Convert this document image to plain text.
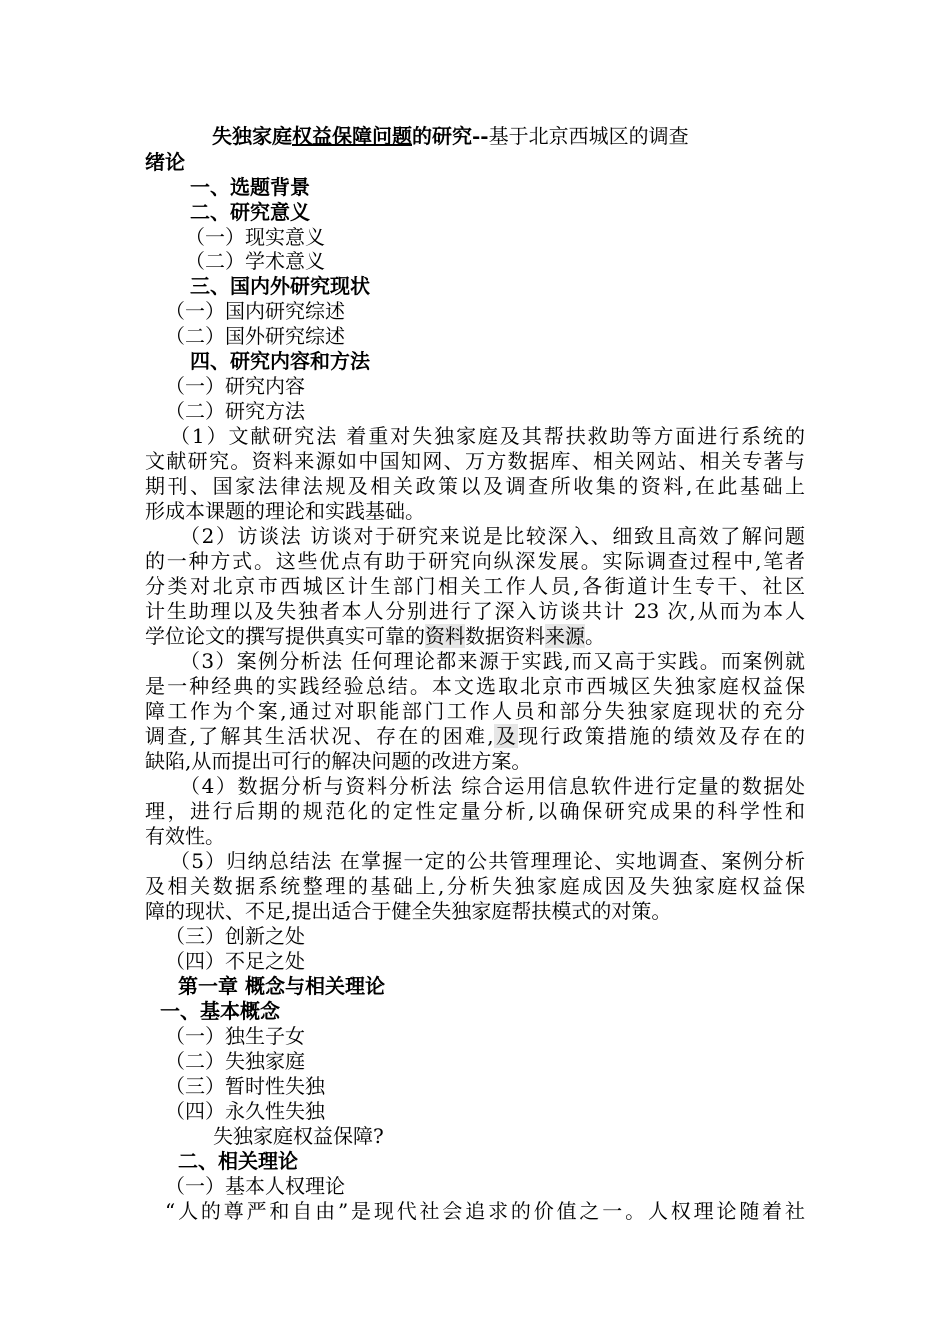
失独家庭权益保障问题的研究--基于北京西城区的调查
绪论
一、选题背景
二、研究意义
（一）现实意义
（二）学术意义
三、国内外研究现状
（一）国内研究综述
（二）国外研究综述
四、研究内容和方法
（一）研究内容
（二）研究方法
（1）文献研究法 着重对失独家庭及其帮扶救助等方面进行系统的
文献研究。资料来源如中国知网、万方数据库、相关网站、相关专著与
期刊、国家法律法规及相关政策以及调查所收集的资料,在此基础上
形成本课题的理论和实践基础。
（2）访谈法 访谈对于研究来说是比较深入、细致且高效了解问题
的一种方式。这些优点有助于研究向纵深发展。实际调查过程中,笔者
分类对北京市西城区计生部门相关工作人员,各街道计生专干、社区
计生助理以及失独者本人分别进行了深入访谈共计 23 次,从而为本人
学位论文的撰写提供真实可靠的资料数据资料来源。
（3）案例分析法 任何理论都来源于实践,而又高于实践。而案例就
是一种经典的实践经验总结。本文选取北京市西城区失独家庭权益保
障工作为个案,通过对职能部门工作人员和部分失独家庭现状的充分
调查,了解其生活状况、存在的困难,及现行政策措施的绩效及存在的
缺陷,从而提出可行的解决问题的改进方案。
（4）数据分析与资料分析法 综合运用信息软件进行定量的数据处
理，进行后期的规范化的定性定量分析,以确保研究成果的科学性和
有效性。
（5）归纳总结法 在掌握一定的公共管理理论、实地调查、案例分析
及相关数据系统整理的基础上,分析失独家庭成因及失独家庭权益保
障的现状、不足,提出适合于健全失独家庭帮扶模式的对策。
（三）创新之处
（四）不足之处
第一章 概念与相关理论
一、基本概念
（一）独生子女
（二）失独家庭
（三）暂时性失独
（四）永久性失独
失独家庭权益保障?
二、相关理论
（一）基本人权理论
“人的尊严和自由”是现代社会追求的价值之一。人权理论随着社
